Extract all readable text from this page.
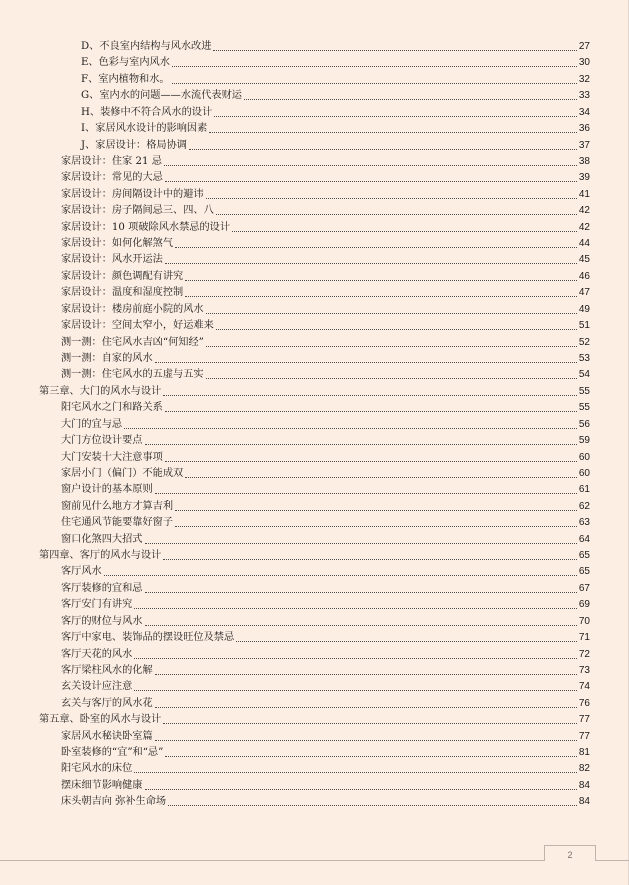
D、不良室内结构与风水改进	27
E、色彩与室内风水	30
F、室内植物和水。	32
G、室内水的问题——水流代表财运	33
H、装修中不符合风水的设计	34
I、家居风水设计的影响因素	36
J、家居设计：格局协调	37
家居设计：住家 21 忌	38
家居设计：常见的大忌	39
家居设计：房间隔设计中的避讳	41
家居设计：房子隔间忌三、四、八	42
家居设计：10 项破除风水禁忌的设计	42
家居设计：如何化解煞气	44
家居设计：风水开运法	45
家居设计：颜色调配有讲究	46
家居设计：温度和湿度控制	47
家居设计：楼房前庭小院的风水	49
家居设计：空间太窄小，好运难来	51
测一测：住宅风水吉凶“何知经”	52
测一测：自家的风水	53
测一测：住宅风水的五虚与五实	54
第三章、大门的风水与设计	55
阳宅风水之门和路关系	55
大门的宜与忌	56
大门方位设计要点	59
大门安装十大注意事项	60
家居小门（偏门）不能成双	60
窗户设计的基本原则	61
窗前见什么地方才算吉利	62
住宅通风节能要靠好窗子	63
窗口化煞四大招式	64
第四章、客厅的风水与设计	65
客厅风水	65
客厅装修的宜和忌	67
客厅安门有讲究	69
客厅的财位与风水	70
客厅中家电、装饰品的摆设旺位及禁忌	71
客厅天花的风水	72
客厅梁柱风水的化解	73
玄关设计应注意	74
玄关与客厅的风水花	76
第五章、卧室的风水与设计	77
家居风水秘诀卧室篇	77
卧室装修的“宜”和“忌”	81
阳宅风水的床位	82
摆床细节影响健康	84
床头朝吉向 弥补生命场	84
2
